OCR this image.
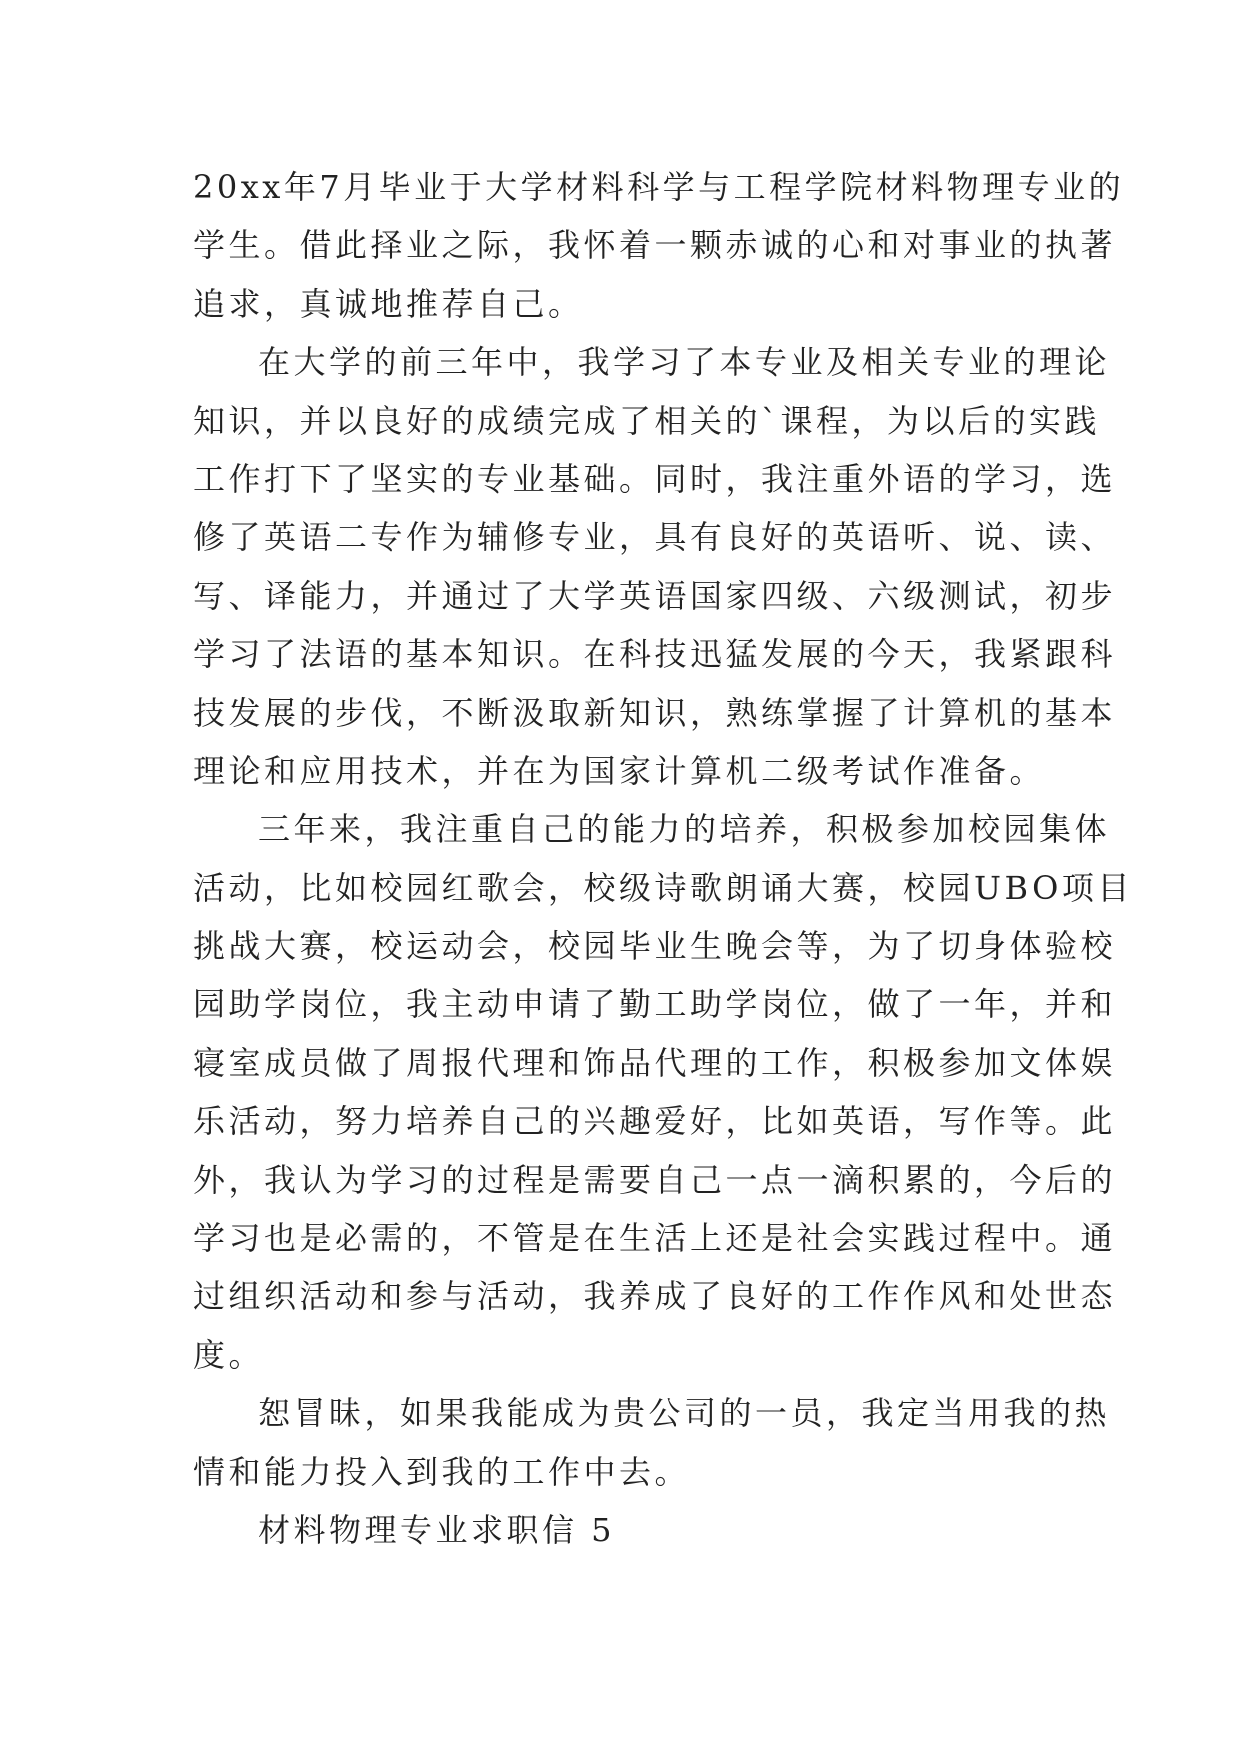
20xx年7月毕业于大学材料科学与工程学院材料物理专业的
学生。借此择业之际，我怀着一颗赤诚的心和对事业的执著
追求，真诚地推荐自己。
在大学的前三年中，我学习了本专业及相关专业的理论
知识，并以良好的成绩完成了相关的`课程，为以后的实践
工作打下了坚实的专业基础。同时，我注重外语的学习，选
修了英语二专作为辅修专业，具有良好的英语听、说、读、
写、译能力，并通过了大学英语国家四级、六级测试，初步
学习了法语的基本知识。在科技迅猛发展的今天，我紧跟科
技发展的步伐，不断汲取新知识，熟练掌握了计算机的基本
理论和应用技术，并在为国家计算机二级考试作准备。
三年来，我注重自己的能力的培养，积极参加校园集体
活动，比如校园红歌会，校级诗歌朗诵大赛，校园UBO项目
挑战大赛，校运动会，校园毕业生晚会等，为了切身体验校
园助学岗位，我主动申请了勤工助学岗位，做了一年，并和
寝室成员做了周报代理和饰品代理的工作，积极参加文体娱
乐活动，努力培养自己的兴趣爱好，比如英语，写作等。此
外，我认为学习的过程是需要自己一点一滴积累的，今后的
学习也是必需的，不管是在生活上还是社会实践过程中。通
过组织活动和参与活动，我养成了良好的工作作风和处世态
度。
恕冒昧，如果我能成为贵公司的一员，我定当用我的热
情和能力投入到我的工作中去。
材料物理专业求职信 5
